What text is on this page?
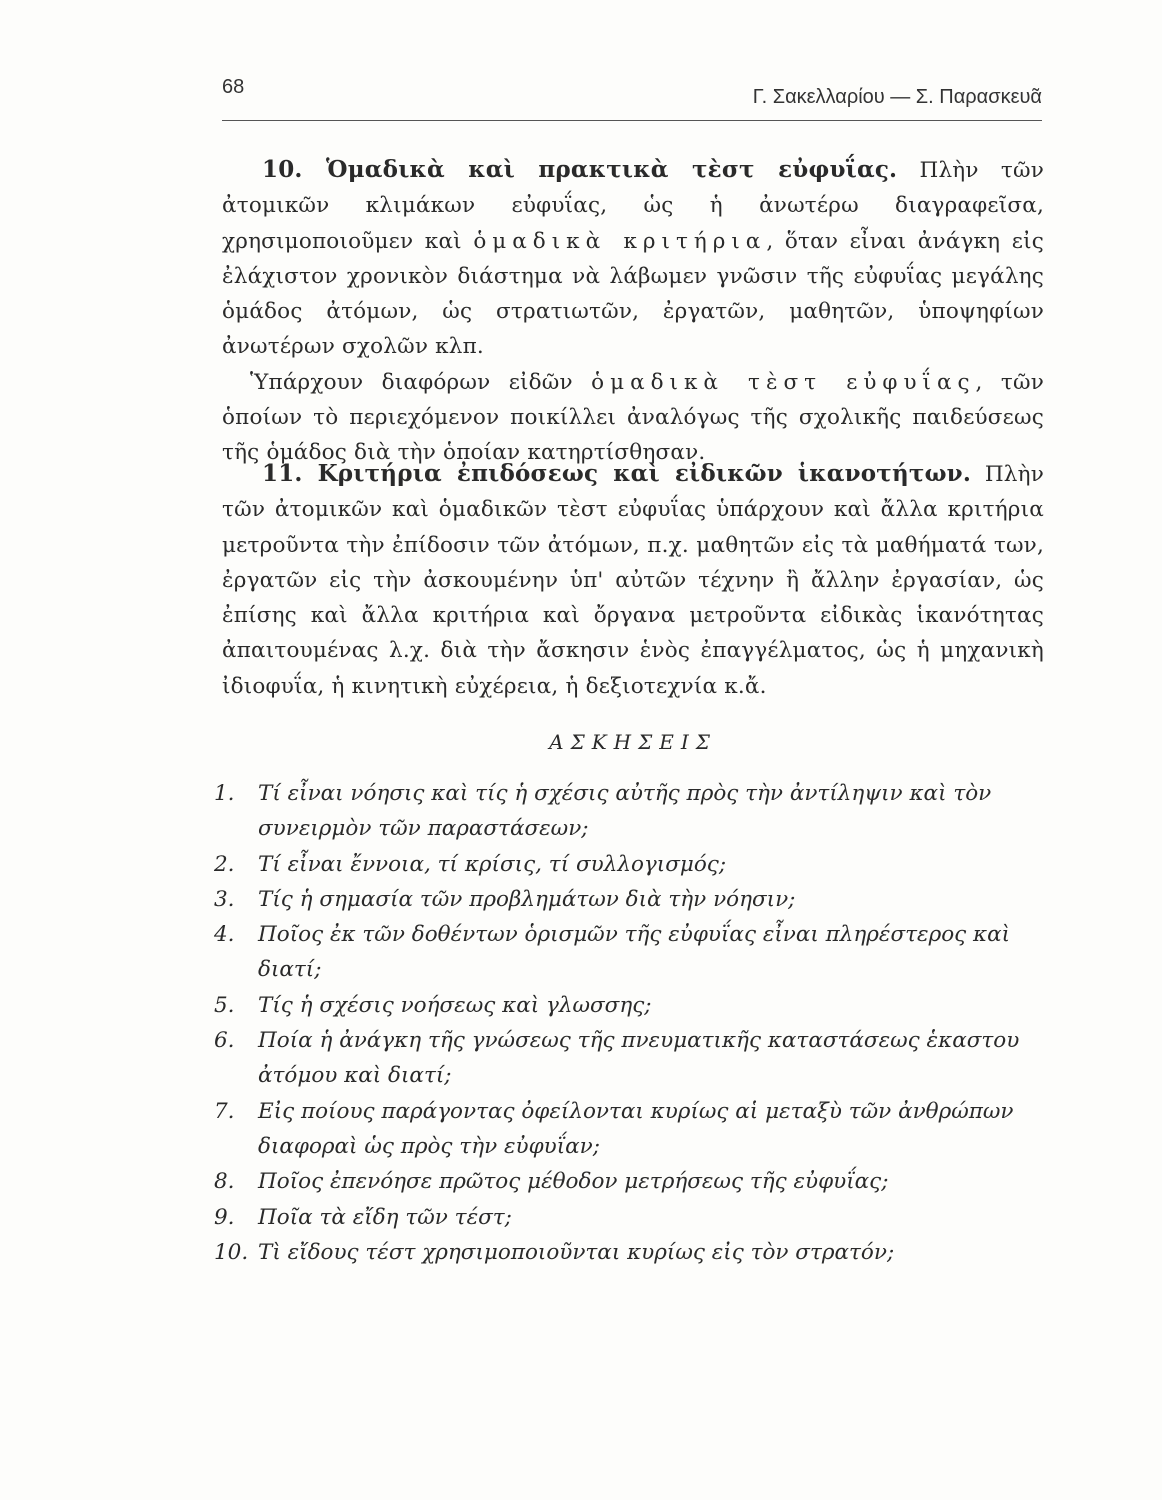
68	Γ. Σακελλαρίου — Σ. Παρασκευᾶ

10. Ὁμαδικὰ καὶ πρακτικὰ τὲστ εὐφυΐας. Πλὴν τῶν ἀτομικῶν κλιμάκων εὐφυΐας, ὡς ἡ ἀνωτέρω διαγραφεῖσα, χρησιμοποιοῦμεν καὶ ὁμαδικὰ κριτήρια, ὅταν εἶναι ἀνάγκη εἰς ἐλάχιστον χρονικὸν διάστημα νὰ λάβωμεν γνῶσιν τῆς εὐφυΐας μεγάλης ὁμάδος ἀτόμων, ὡς στρατιωτῶν, ἐργατῶν, μαθητῶν, ὑποψηφίων ἀνωτέρων σχολῶν κλπ.

Ὑπάρχουν διαφόρων εἰδῶν ὁμαδικὰ τὲστ εὐφυΐας, τῶν ὁποίων τὸ περιεχόμενον ποικίλλει ἀναλόγως τῆς σχολικῆς παιδεύσεως τῆς ὁμάδος διὰ τὴν ὁποίαν κατηρτίσθησαν.

11. Κριτήρια ἐπιδόσεως καὶ εἰδικῶν ἱκανοτήτων. Πλὴν τῶν ἀτομικῶν καὶ ὁμαδικῶν τὲστ εὐφυΐας ὑπάρχουν καὶ ἄλλα κριτήρια μετροῦντα τὴν ἐπίδοσιν τῶν ἀτόμων, π.χ. μαθητῶν εἰς τὰ μαθήματά των, ἐργατῶν εἰς τὴν ἀσκουμένην ὑπ' αὐτῶν τέχνην ἢ ἄλλην ἐργασίαν, ὡς ἐπίσης καὶ ἄλλα κριτήρια καὶ ὄργανα μετροῦντα εἰδικὰς ἱκανότητας ἀπαιτουμένας λ.χ. διὰ τὴν ἄσκησιν ἑνὸς ἐπαγγέλματος, ὡς ἡ μηχανικὴ ἰδιοφυΐα, ἡ κινητικὴ εὐχέρεια, ἡ δεξιοτεχνία κ.ἄ.

ΑΣΚΗΣΕΙΣ
1.	Τί εἶναι νόησις καὶ τίς ἡ σχέσις αὐτῆς πρὸς τὴν ἀντίληψιν καὶ τὸν συνειρμὸν τῶν παραστάσεων;
2.	Τί εἶναι ἔννοια, τί κρίσις, τί συλλογισμός;
3.	Τίς ἡ σημασία τῶν προβλημάτων διὰ τὴν νόησιν;
4.	Ποῖος ἐκ τῶν δοθέντων ὁρισμῶν τῆς εὐφυΐας εἶναι πληρέστερος καὶ διατί;
5.	Τίς ἡ σχέσις νοήσεως καὶ γλωσσης;
6.	Ποία ἡ ἀνάγκη τῆς γνώσεως τῆς πνευματικῆς καταστάσεως ἑκαστου ἀτόμου καὶ διατί;
7.	Εἰς ποίους παράγοντας ὀφείλονται κυρίως αἱ μεταξὺ τῶν ἀνθρώπων διαφοραὶ ὡς πρὸς τὴν εὐφυΐαν;
8.	Ποῖος ἐπενόησε πρῶτος μέθοδον μετρήσεως τῆς εὐφυΐας;
9.	Ποῖα τὰ εἴδη τῶν τέστ;
10. Τὶ εἴδους τέστ χρησιμοποιοῦνται κυρίως εἰς τὸν στρατόν;
